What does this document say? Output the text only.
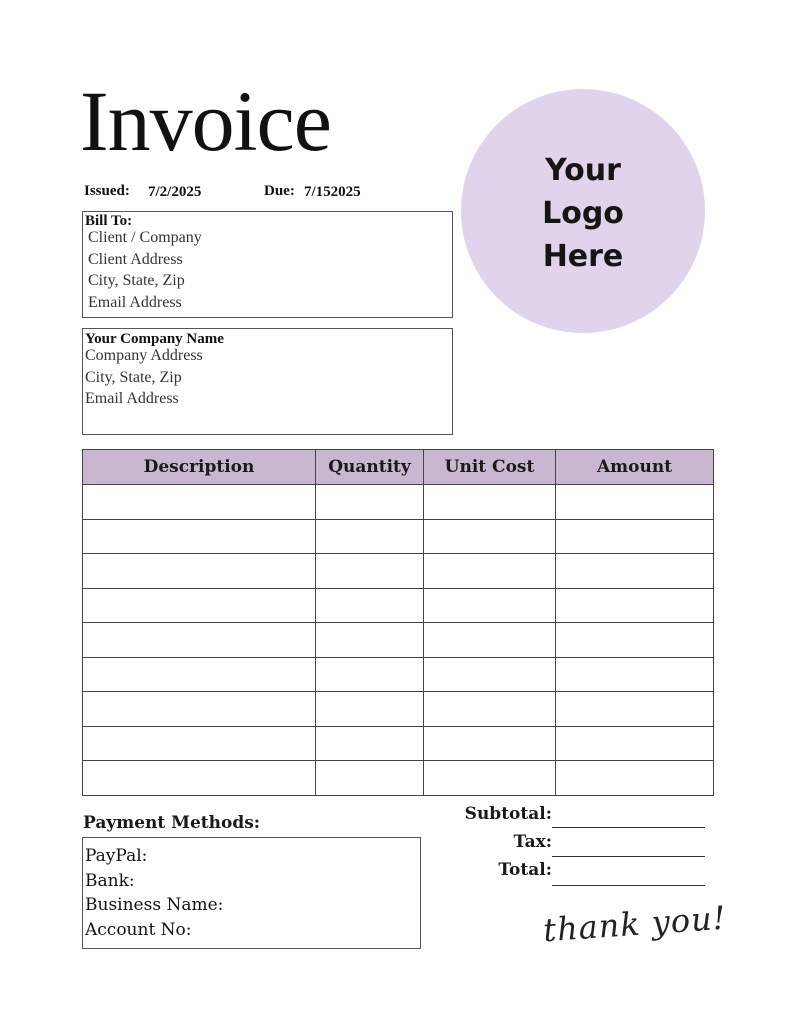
Invoice
Issued: 7/2/2025	Due: 7/152025
Your
Logo
Here
Bill To:
Client / Company
Client Address
City, State, Zip
Email Address
Your Company Name
Company Address
City, State, Zip
Email Address
Description	Quantity	Unit Cost	Amount

Payment Methods:
PayPal:
Bank:
Business Name:
Account No:
Subtotal:
Tax:
Total:
thank you!
